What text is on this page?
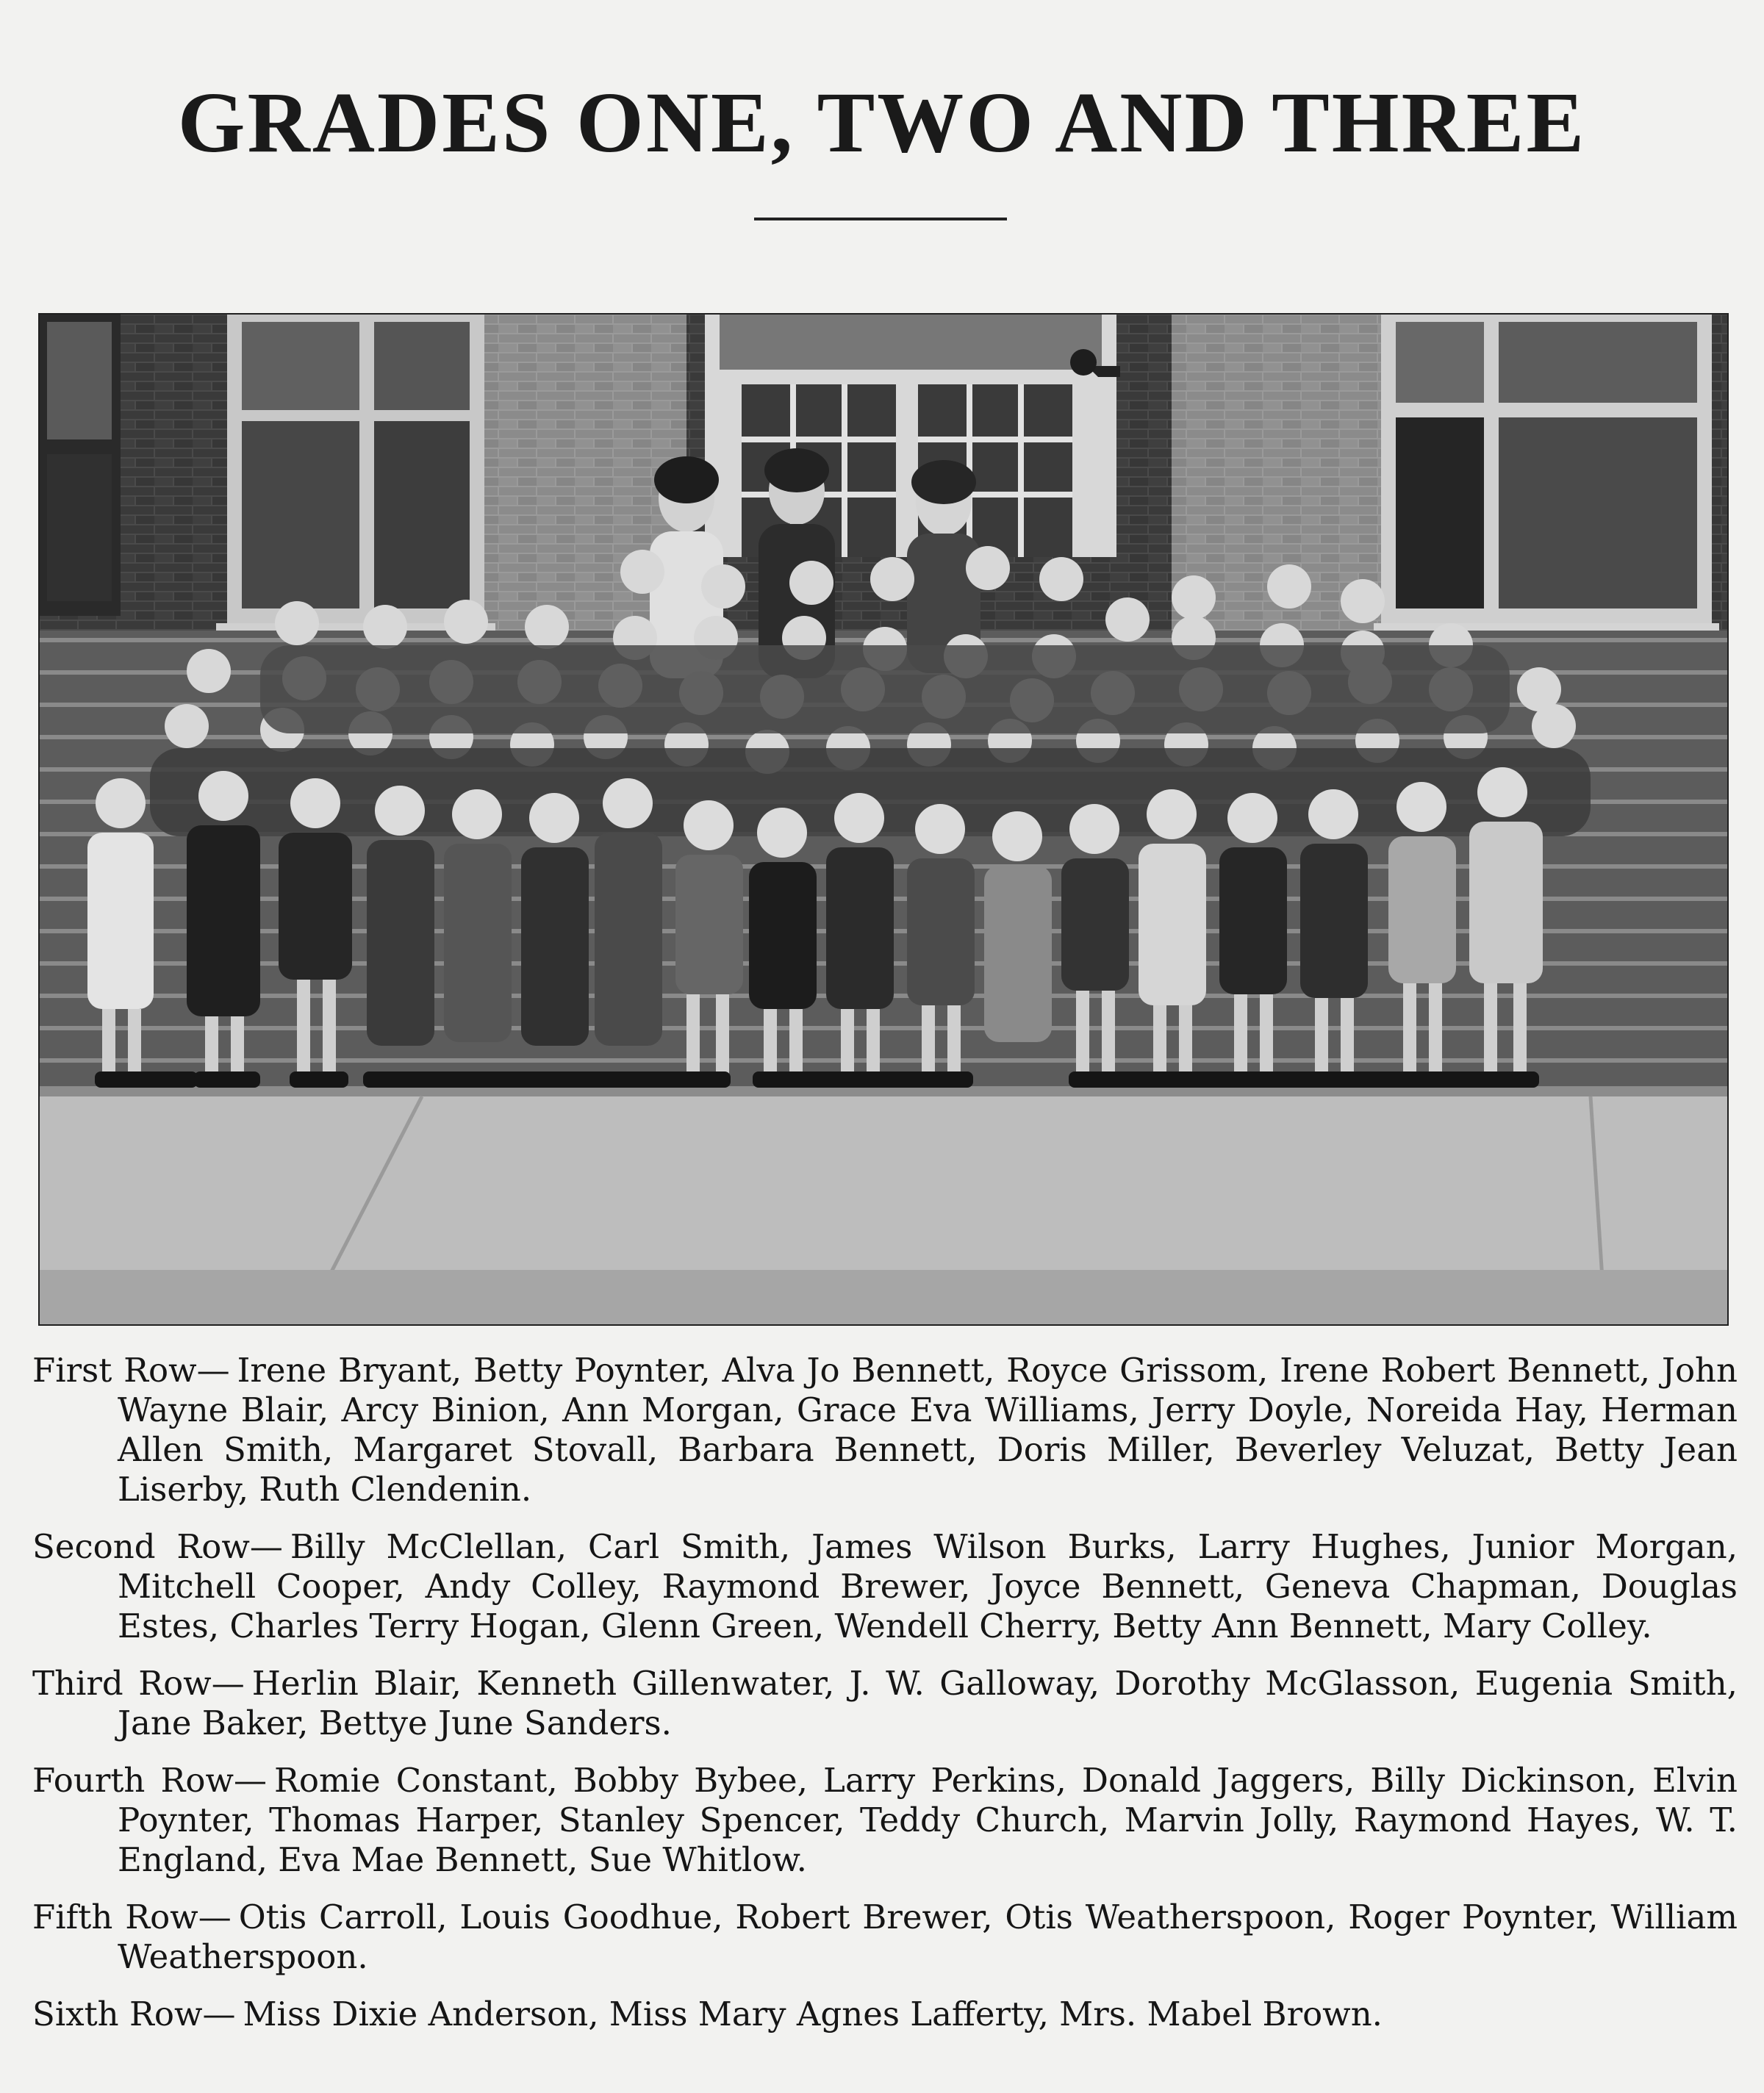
GRADES ONE, TWO AND THREE

First Row— Irene Bryant, Betty Poynter, Alva Jo Bennett, Royce Grissom, Irene Robert Bennett, John Wayne Blair, Arcy Binion, Ann Morgan, Grace Eva Williams, Jerry Doyle, Noreida Hay, Herman Allen Smith, Margaret Stovall, Barbara Bennett, Doris Miller, Beverley Veluzat, Betty Jean Liserby, Ruth Clendenin.

Second Row— Billy McClellan, Carl Smith, James Wilson Burks, Larry Hughes, Junior Morgan, Mitchell Cooper, Andy Colley, Raymond Brewer, Joyce Bennett, Geneva Chapman, Douglas Estes, Charles Terry Hogan, Glenn Green, Wendell Cherry, Betty Ann Bennett, Mary Colley.

Third Row— Herlin Blair, Kenneth Gillenwater, J. W. Galloway, Dorothy McGlasson, Eugenia Smith, Jane Baker, Bettye June Sanders.

Fourth Row— Romie Constant, Bobby Bybee, Larry Perkins, Donald Jaggers, Billy Dickinson, Elvin Poynter, Thomas Harper, Stanley Spencer, Teddy Church, Marvin Jolly, Raymond Hayes, W. T. England, Eva Mae Bennett, Sue Whitlow.

Fifth Row— Otis Carroll, Louis Goodhue, Robert Brewer, Otis Weatherspoon, Roger Poynter, William Weatherspoon.

Sixth Row— Miss Dixie Anderson, Miss Mary Agnes Lafferty, Mrs. Mabel Brown.
